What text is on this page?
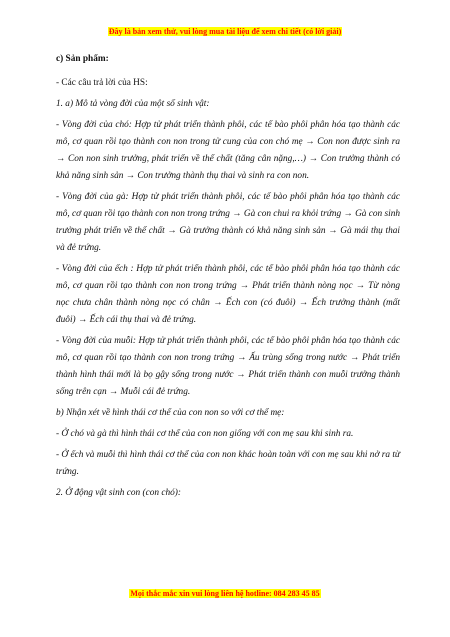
Đây là bản xem thử, vui lòng mua tài liệu để xem chi tiết (có lời giải)

c) Sản phẩm:

- Các câu trả lời của HS:

1. a) Mô tả vòng đời của một số sinh vật:

- Vòng đời của chó: Hợp tử phát triển thành phôi, các tế bào phôi phân hóa tạo thành các mô, cơ quan rồi tạo thành con non trong tử cung của con chó mẹ → Con non được sinh ra → Con non sinh trưởng, phát triển về thể chất (tăng cân nặng,…) → Con trưởng thành có khả năng sinh sản → Con trưởng thành thụ thai và sinh ra con non.

- Vòng đời của gà: Hợp tử phát triển thành phôi, các tế bào phôi phân hóa tạo thành các mô, cơ quan rồi tạo thành con non trong trứng → Gà con chui ra khỏi trứng → Gà con sinh trưởng phát triển về thể chất → Gà trưởng thành có khả năng sinh sản → Gà mái thụ thai và đẻ trứng.

- Vòng đời của ếch : Hợp tử phát triển thành phôi, các tế bào phôi phân hóa tạo thành các mô, cơ quan rồi tạo thành con non trong trứng → Phát triển thành nòng nọc → Từ nòng nọc chưa chân thành nòng nọc có chân → Ếch con (có đuôi) → Ếch trưởng thành (mất đuôi) → Ếch cái thụ thai và đẻ trứng.

- Vòng đời của muỗi: Hợp tử phát triển thành phôi, các tế bào phôi phân hóa tạo thành các mô, cơ quan rồi tạo thành con non trong trứng → Ấu trùng sống trong nước → Phát triển thành hình thái mới là bọ gậy sống trong nước → Phát triển thành con muỗi trưởng thành sống trên cạn → Muỗi cái đẻ trứng.

b) Nhận xét về hình thái cơ thể của con non so với cơ thể mẹ:

- Ở chó và gà thì hình thái cơ thể của con non giống với con mẹ sau khi sinh ra.

- Ở ếch và muỗi thì hình thái cơ thể của con non khác hoàn toàn với con mẹ sau khi nở ra từ trứng.

2. Ở động vật sinh con (con chó):

Mọi thắc mắc xin vui lòng liên hệ hotline: 084 283 45 85
